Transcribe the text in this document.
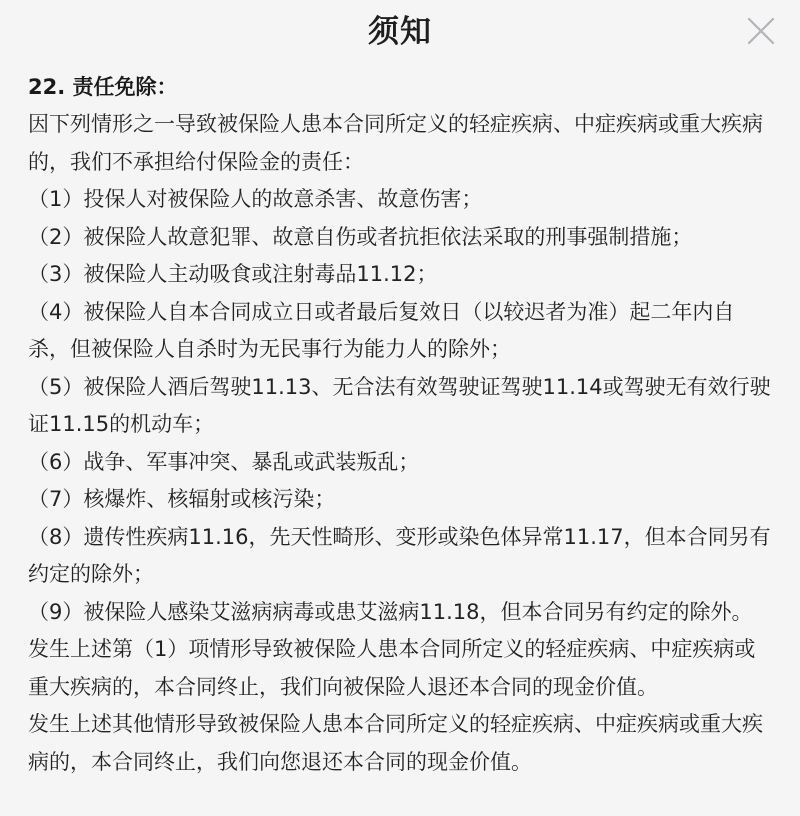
须知

22. 责任免除：

因下列情形之一导致被保险人患本合同所定义的轻症疾病、中症疾病或重大疾病的，我们不承担给付保险金的责任：

（1）投保人对被保险人的故意杀害、故意伤害；

（2）被保险人故意犯罪、故意自伤或者抗拒依法采取的刑事强制措施；

（3）被保险人主动吸食或注射毒品11.12；

（4）被保险人自本合同成立日或者最后复效日（以较迟者为准）起二年内自杀，但被保险人自杀时为无民事行为能力人的除外；

（5）被保险人酒后驾驶11.13、无合法有效驾驶证驾驶11.14或驾驶无有效行驶证11.15的机动车；

（6）战争、军事冲突、暴乱或武装叛乱；

（7）核爆炸、核辐射或核污染；

（8）遗传性疾病11.16，先天性畸形、变形或染色体异常11.17，但本合同另有约定的除外；

（9）被保险人感染艾滋病病毒或患艾滋病11.18，但本合同另有约定的除外。

发生上述第（1）项情形导致被保险人患本合同所定义的轻症疾病、中症疾病或重大疾病的，本合同终止，我们向被保险人退还本合同的现金价值。

发生上述其他情形导致被保险人患本合同所定义的轻症疾病、中症疾病或重大疾病的，本合同终止，我们向您退还本合同的现金价值。
